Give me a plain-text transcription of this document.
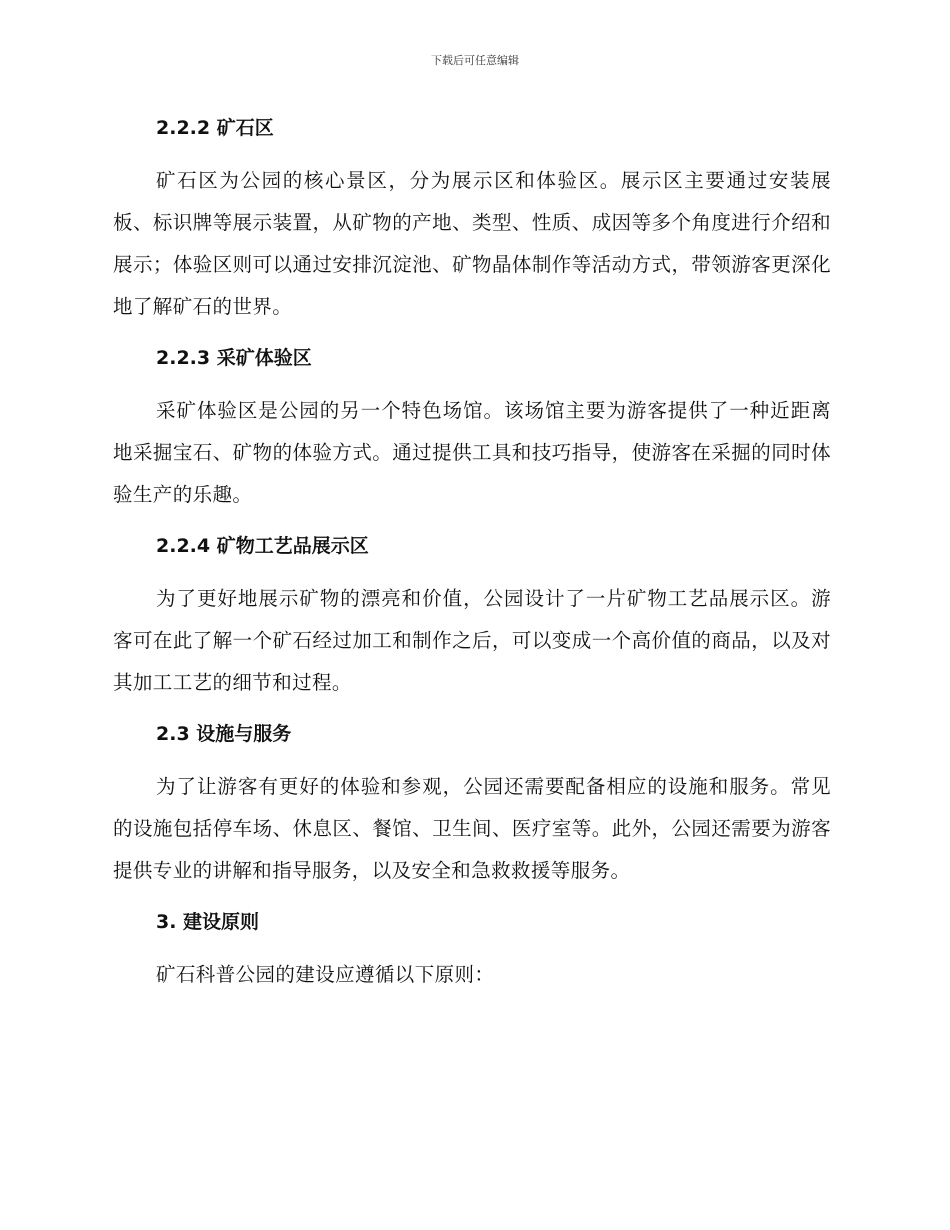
下载后可任意编辑
2.2.2 矿石区

矿石区为公园的核心景区，分为展示区和体验区。展示区主要通过安装展板、标识牌等展示装置，从矿物的产地、类型、性质、成因等多个角度进行介绍和展示；体验区则可以通过安排沉淀池、矿物晶体制作等活动方式，带领游客更深化地了解矿石的世界。

2.2.3 采矿体验区

采矿体验区是公园的另一个特色场馆。该场馆主要为游客提供了一种近距离地采掘宝石、矿物的体验方式。通过提供工具和技巧指导，使游客在采掘的同时体验生产的乐趣。

2.2.4 矿物工艺品展示区

为了更好地展示矿物的漂亮和价值，公园设计了一片矿物工艺品展示区。游客可在此了解一个矿石经过加工和制作之后，可以变成一个高价值的商品，以及对其加工工艺的细节和过程。

2.3 设施与服务

为了让游客有更好的体验和参观，公园还需要配备相应的设施和服务。常见的设施包括停车场、休息区、餐馆、卫生间、医疗室等。此外，公园还需要为游客提供专业的讲解和指导服务，以及安全和急救救援等服务。

3. 建设原则

矿石科普公园的建设应遵循以下原则：
